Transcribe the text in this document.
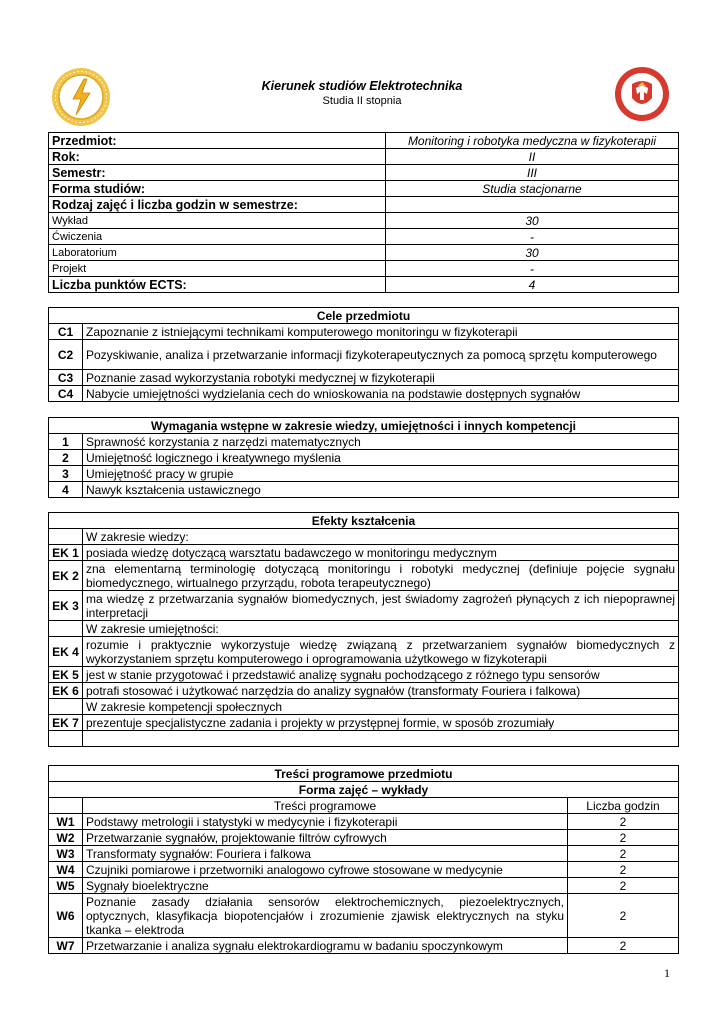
Kierunek studiów Elektrotechnika
Studia II stopnia
Przedmiot:	Monitoring i robotyka medyczna w fizykoterapii
Rok:	II
Semestr:	III
Forma studiów:	Studia stacjonarne
Rodzaj zajęć i liczba godzin w semestrze:	
Wykład	30
Ćwiczenia	-
Laboratorium	30
Projekt	-
Liczba punktów ECTS:	4
Cele przedmiotu	
C1	Zapoznanie z istniejącymi technikami komputerowego monitoringu w fizykoterapii
C2	Pozyskiwanie, analiza i przetwarzanie informacji fizykoterapeutycznych za pomocą sprzętu komputerowego
C3	Poznanie zasad wykorzystania robotyki medycznej w fizykoterapii
C4	Nabycie umiejętności wydzielania cech do wnioskowania na podstawie dostępnych sygnałów
Wymagania wstępne w zakresie wiedzy, umiejętności i innych kompetencji	
1	Sprawność korzystania z narzędzi matematycznych
2	Umiejętność logicznego i kreatywnego myślenia
3	Umiejętność pracy w grupie
4	Nawyk kształcenia ustawicznego
Efekty kształcenia	
	W zakresie wiedzy:
EK 1	posiada wiedzę dotyczącą warsztatu badawczego w monitoringu medycznym
EK 2	zna elementarną terminologię dotyczącą monitoringu i robotyki medycznej (definiuje pojęcie sygnału biomedycznego, wirtualnego przyrządu, robota terapeutycznego)
EK 3	ma wiedzę z przetwarzania sygnałów biomedycznych, jest świadomy zagrożeń płynących z ich niepoprawnej interpretacji
	W zakresie umiejętności:
EK 4	rozumie i praktycznie wykorzystuje wiedzę związaną z przetwarzaniem sygnałów biomedycznych z wykorzystaniem sprzętu komputerowego i oprogramowania użytkowego w fizykoterapii
EK 5	jest w stanie przygotować i przedstawić analizę sygnału pochodzącego z różnego typu sensorów
EK 6	potrafi stosować i użytkować narzędzia do analizy sygnałów (transformaty Fouriera i falkowa)
	W zakresie kompetencji społecznych
EK 7	prezentuje specjalistyczne zadania i projekty w przystępnej formie, w sposób zrozumiały

Treści programowe przedmiotu		
Forma zajęć – wykłady		
	Treści programowe	Liczba godzin
W1	Podstawy metrologii i statystyki w medycynie i fizykoterapii	2
W2	Przetwarzanie sygnałów, projektowanie filtrów cyfrowych	2
W3	Transformaty sygnałów: Fouriera i falkowa	2
W4	Czujniki pomiarowe i przetworniki analogowo cyfrowe stosowane w medycynie	2
W5	Sygnały bioelektryczne	2
W6	Poznanie zasady działania sensorów elektrochemicznych, piezoelektrycznych, optycznych, klasyfikacja biopotencjałów i zrozumienie zjawisk elektrycznych na styku tkanka – elektroda	2
W7	Przetwarzanie i analiza sygnału elektrokardiogramu w badaniu spoczynkowym	2
1
